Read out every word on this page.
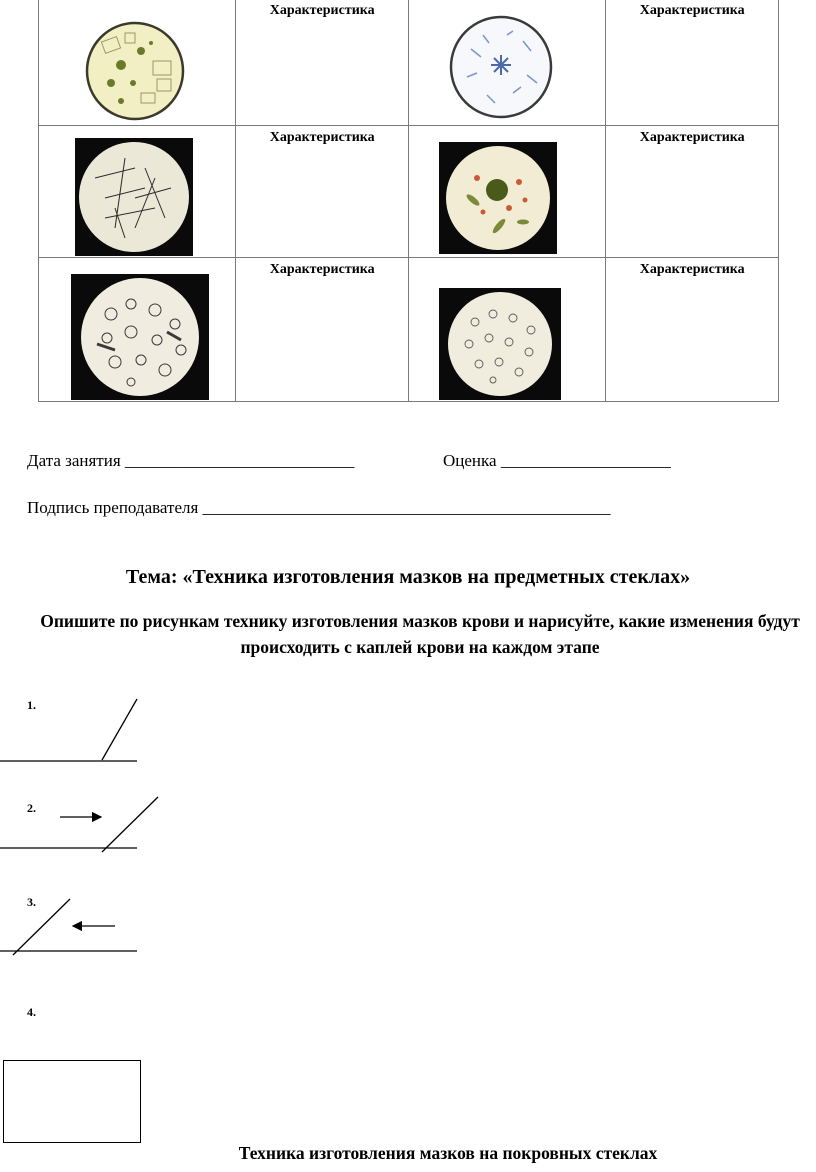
Характеристика		Характеристика

Характеристика		Характеристика

Характеристика		Характеристика
Дата занятия ___________________________	Оценка ____________________
Подпись преподавателя ________________________________________________
Тема: «Техника изготовления мазков на предметных стеклах»
Опишите по рисункам технику изготовления мазков крови и нарисуйте, какие изменения будут происходить с каплей крови на каждом этапе
1.
2.
3.
4.
Техника изготовления мазков на покровных стеклах
